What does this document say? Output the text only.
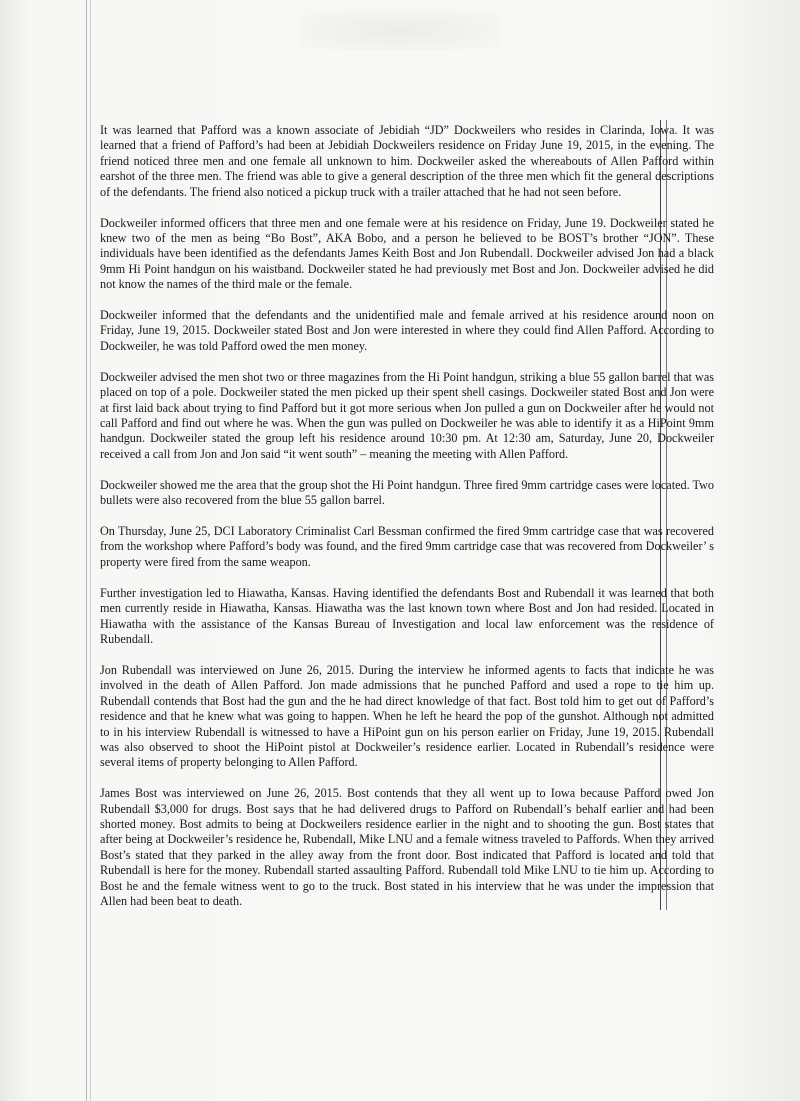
It was learned that Pafford was a known associate of Jebidiah “JD” Dockweilers who resides in Clarinda, Iowa. It was learned that a friend of Pafford’s had been at Jebidiah Dockweilers residence on Friday June 19, 2015, in the evening. The friend noticed three men and one female all unknown to him. Dockweiler asked the whereabouts of Allen Pafford within earshot of the three men. The friend was able to give a general description of the three men which fit the general descriptions of the defendants. The friend also noticed a pickup truck with a trailer attached that he had not seen before.

Dockweiler informed officers that three men and one female were at his residence on Friday, June 19. Dockweiler stated he knew two of the men as being “Bo Bost”, AKA Bobo, and a person he believed to be BOST’s brother “JON”. These individuals have been identified as the defendants James Keith Bost and Jon Rubendall. Dockweiler advised Jon had a black 9mm Hi Point handgun on his waistband. Dockweiler stated he had previously met Bost and Jon. Dockweiler advised he did not know the names of the third male or the female.

Dockweiler informed that the defendants and the unidentified male and female arrived at his residence around noon on Friday, June 19, 2015. Dockweiler stated Bost and Jon were interested in where they could find Allen Pafford. According to Dockweiler, he was told Pafford owed the men money.

Dockweiler advised the men shot two or three magazines from the Hi Point handgun, striking a blue 55 gallon barrel that was placed on top of a pole. Dockweiler stated the men picked up their spent shell casings. Dockweiler stated Bost and Jon were at first laid back about trying to find Pafford but it got more serious when Jon pulled a gun on Dockweiler after he would not call Pafford and find out where he was. When the gun was pulled on Dockweiler he was able to identify it as a HiPoint 9mm handgun. Dockweiler stated the group left his residence around 10:30 pm. At 12:30 am, Saturday, June 20, Dockweiler received a call from Jon and Jon said “it went south” – meaning the meeting with Allen Pafford.

Dockweiler showed me the area that the group shot the Hi Point handgun. Three fired 9mm cartridge cases were located. Two bullets were also recovered from the blue 55 gallon barrel.

On Thursday, June 25, DCI Laboratory Criminalist Carl Bessman confirmed the fired 9mm cartridge case that was recovered from the workshop where Pafford’s body was found, and the fired 9mm cartridge case that was recovered from Dockweiler’ s property were fired from the same weapon.

Further investigation led to Hiawatha, Kansas. Having identified the defendants Bost and Rubendall it was learned that both men currently reside in Hiawatha, Kansas. Hiawatha was the last known town where Bost and Jon had resided. Located in Hiawatha with the assistance of the Kansas Bureau of Investigation and local law enforcement was the residence of Rubendall.

Jon Rubendall was interviewed on June 26, 2015. During the interview he informed agents to facts that indicate he was involved in the death of Allen Pafford. Jon made admissions that he punched Pafford and used a rope to tie him up. Rubendall contends that Bost had the gun and the he had direct knowledge of that fact. Bost told him to get out of Pafford’s residence and that he knew what was going to happen. When he left he heard the pop of the gunshot. Although not admitted to in his interview Rubendall is witnessed to have a HiPoint gun on his person earlier on Friday, June 19, 2015. Rubendall was also observed to shoot the HiPoint pistol at Dockweiler’s residence earlier. Located in Rubendall’s residence were several items of property belonging to Allen Pafford.

James Bost was interviewed on June 26, 2015. Bost contends that they all went up to Iowa because Pafford owed Jon Rubendall $3,000 for drugs. Bost says that he had delivered drugs to Pafford on Rubendall’s behalf earlier and had been shorted money. Bost admits to being at Dockweilers residence earlier in the night and to shooting the gun. Bost states that after being at Dockweiler’s residence he, Rubendall, Mike LNU and a female witness traveled to Paffords. When they arrived Bost’s stated that they parked in the alley away from the front door. Bost indicated that Pafford is located and told that Rubendall is here for the money. Rubendall started assaulting Pafford. Rubendall told Mike LNU to tie him up. According to Bost he and the female witness went to go to the truck. Bost stated in his interview that he was under the impression that Allen had been beat to death.
